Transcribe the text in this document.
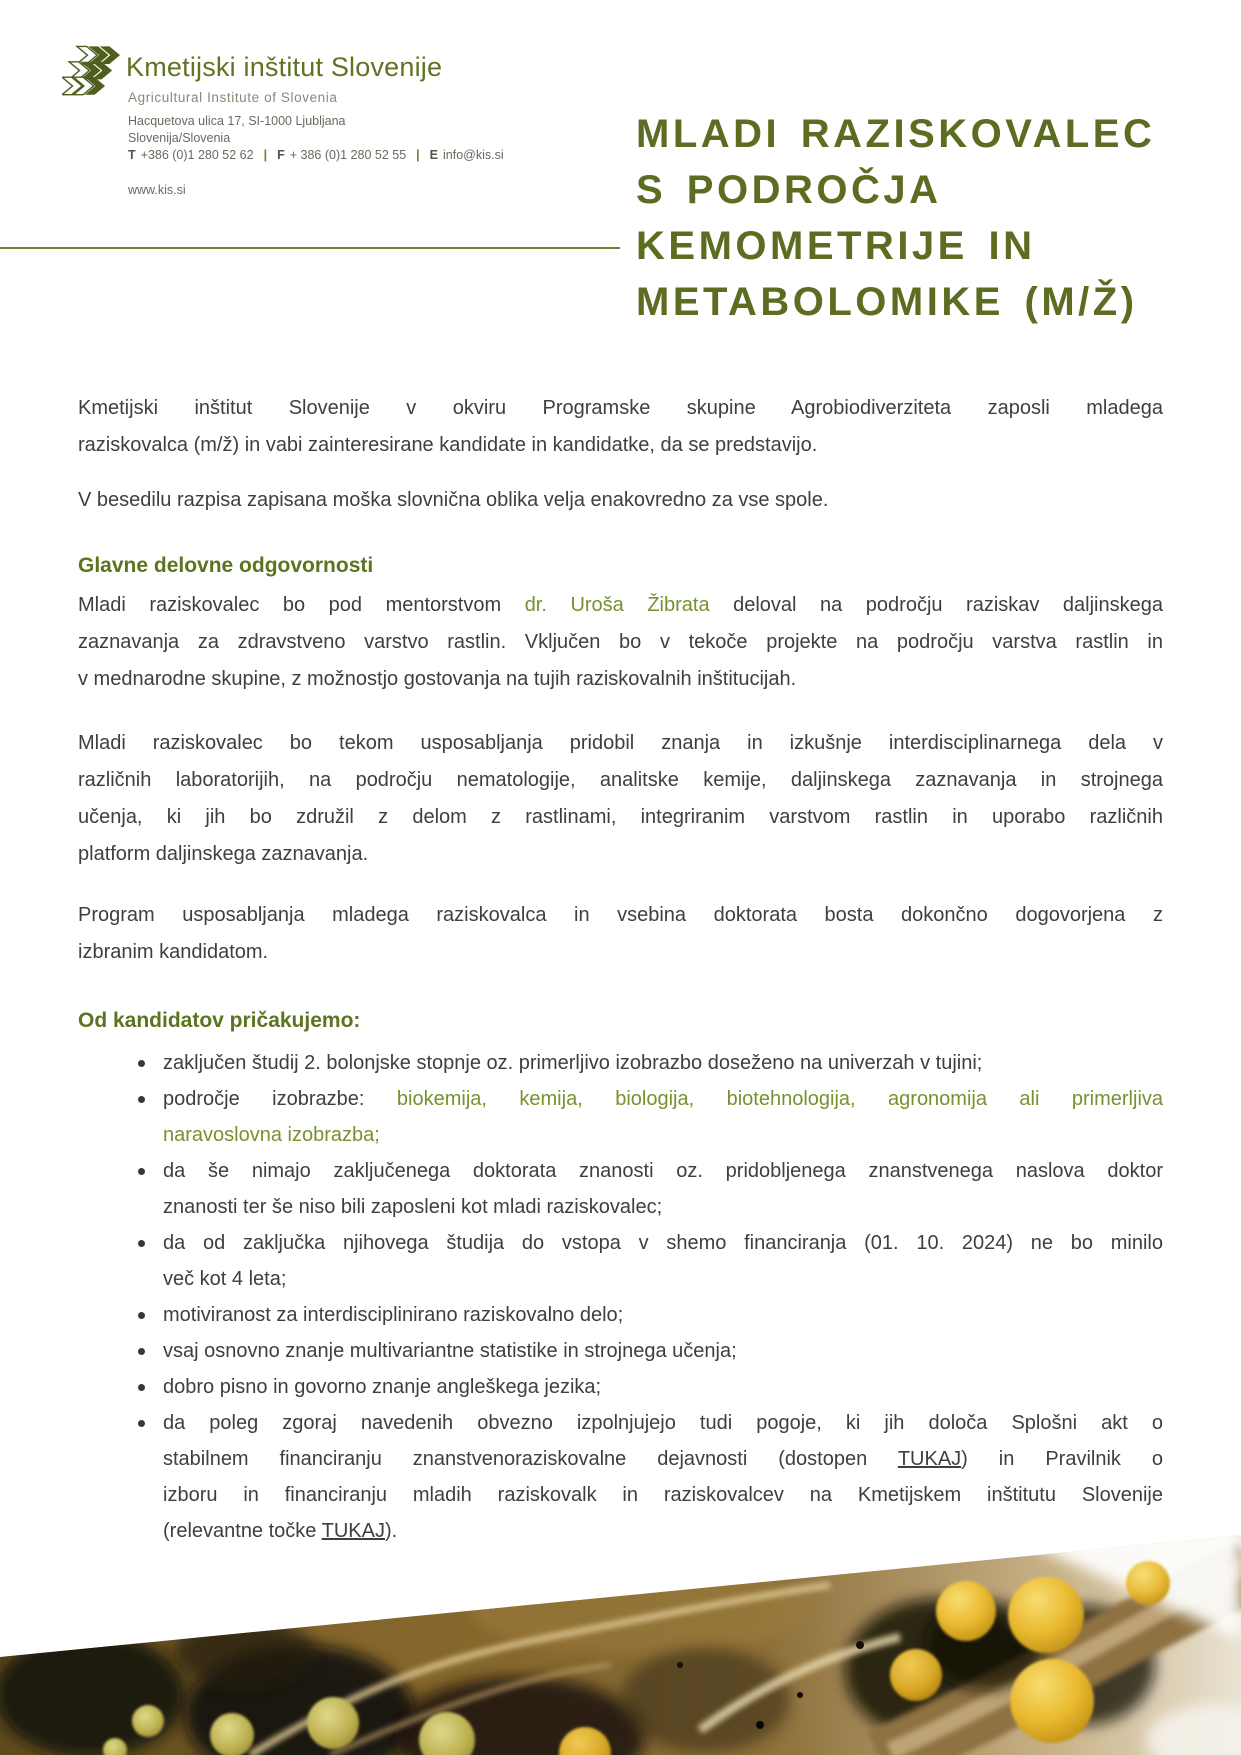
Kmetijski inštitut Slovenije
Agricultural Institute of Slovenia
Hacquetova ulica 17, SI-1000 Ljubljana
Slovenija/Slovenia
T +386 (0)1 280 52 62 | F + 386 (0)1 280 52 55 | E info@kis.si
www.kis.si
MLADI RAZISKOVALEC
S PODROČJA
KEMOMETRIJE IN
METABOLOMIKE (M/Ž)
Kmetijski inštitut Slovenije v okviru Programske skupine Agrobiodiverziteta zaposli mladega
raziskovalca (m/ž) in vabi zainteresirane kandidate in kandidatke, da se predstavijo.
V besedilu razpisa zapisana moška slovnična oblika velja enakovredno za vse spole.
Glavne delovne odgovornosti
Mladi raziskovalec bo pod mentorstvom dr. Uroša Žibrata deloval na področju raziskav daljinskega
zaznavanja za zdravstveno varstvo rastlin. Vključen bo v tekoče projekte na področju varstva rastlin in
v mednarodne skupine, z možnostjo gostovanja na tujih raziskovalnih inštitucijah.
Mladi raziskovalec bo tekom usposabljanja pridobil znanja in izkušnje interdisciplinarnega dela v
različnih laboratorijih, na področju nematologije, analitske kemije, daljinskega zaznavanja in strojnega
učenja, ki jih bo združil z delom z rastlinami, integriranim varstvom rastlin in uporabo različnih
platform daljinskega zaznavanja.
Program usposabljanja mladega raziskovalca in vsebina doktorata bosta dokončno dogovorjena z
izbranim kandidatom.
Od kandidatov pričakujemo:
zaključen študij 2. bolonjske stopnje oz. primerljivo izobrazbo doseženo na univerzah v tujini;
področje izobrazbe: biokemija, kemija, biologija, biotehnologija, agronomija ali primerljiva
naravoslovna izobrazba;
da še nimajo zaključenega doktorata znanosti oz. pridobljenega znanstvenega naslova doktor
znanosti ter še niso bili zaposleni kot mladi raziskovalec;
da od zaključka njihovega študija do vstopa v shemo financiranja (01. 10. 2024) ne bo minilo
več kot 4 leta;
motiviranost za interdisciplinirano raziskovalno delo;
vsaj osnovno znanje multivariantne statistike in strojnega učenja;
dobro pisno in govorno znanje angleškega jezika;
da poleg zgoraj navedenih obvezno izpolnjujejo tudi pogoje, ki jih določa Splošni akt o
stabilnem financiranju znanstvenoraziskovalne dejavnosti (dostopen TUKAJ) in Pravilnik o
izboru in financiranju mladih raziskovalk in raziskovalcev na Kmetijskem inštitutu Slovenije
(relevantne točke TUKAJ).
